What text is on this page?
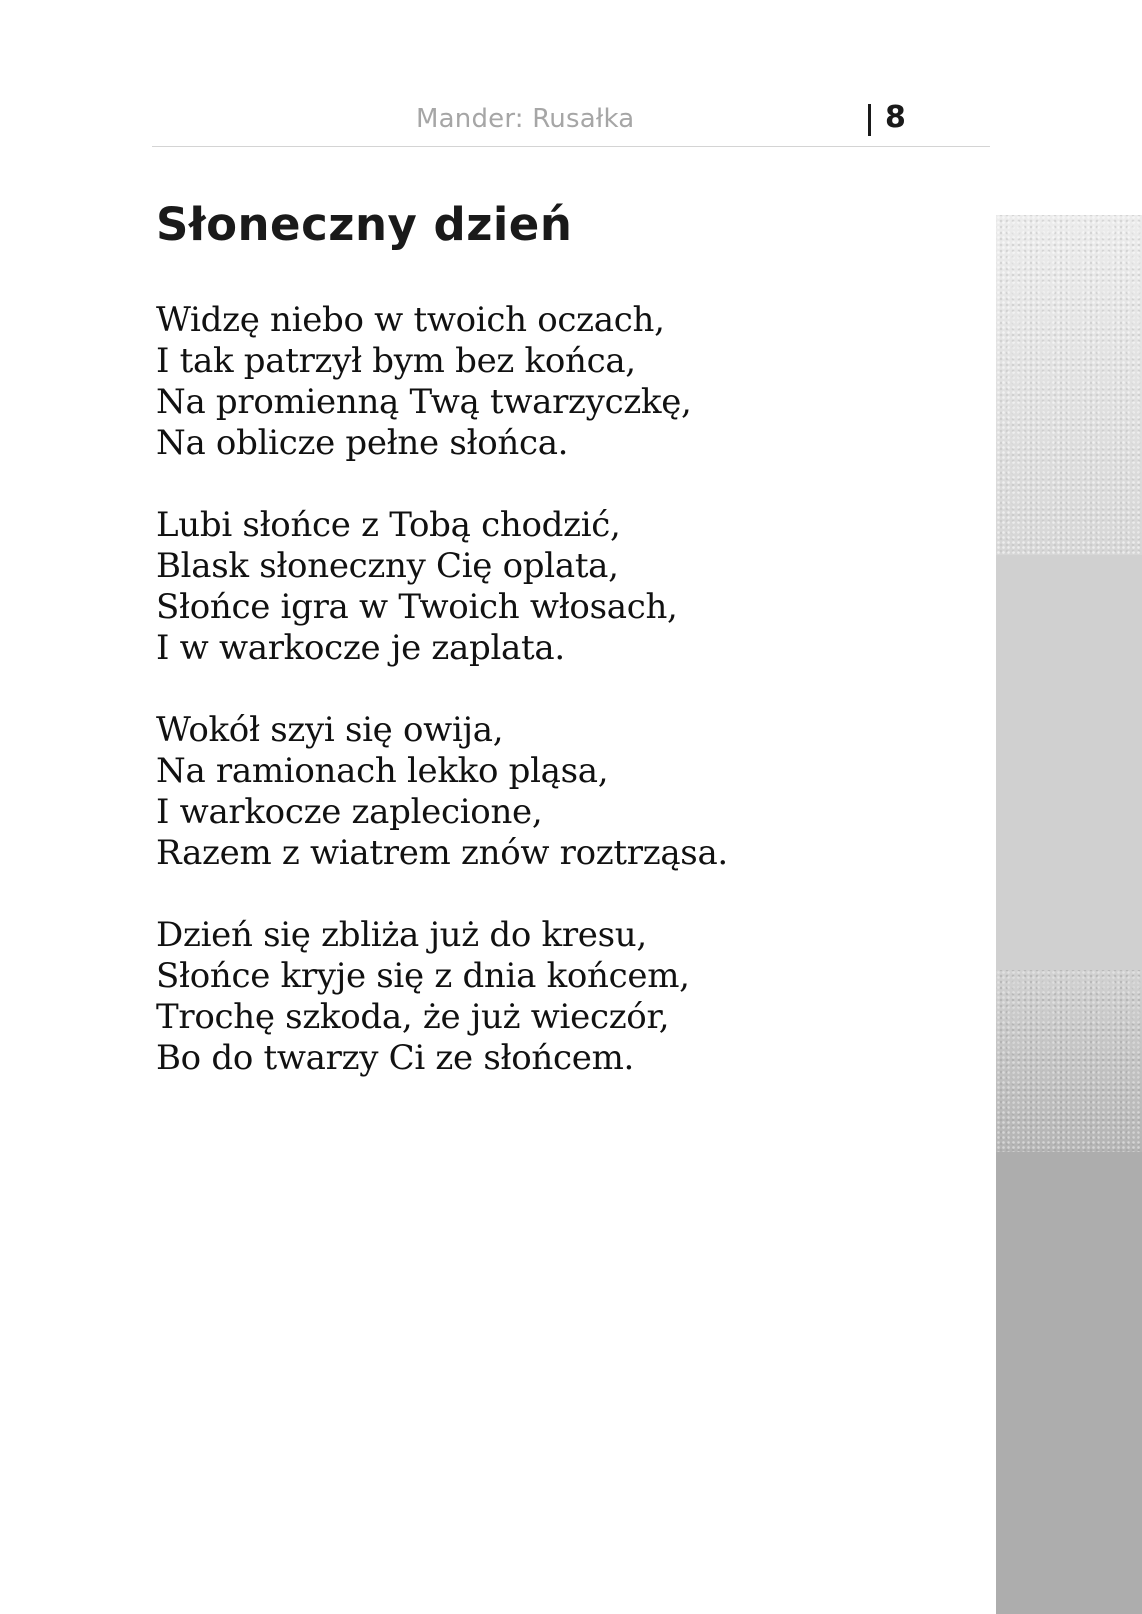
Mander: Rusałka	8
Słoneczny dzień
Widzę niebo w twoich oczach,
I tak patrzył bym bez końca,
Na promienną Twą twarzyczkę,
Na oblicze pełne słońca.
Lubi słońce z Tobą chodzić,
Blask słoneczny Cię oplata,
Słońce igra w Twoich włosach,
I w warkocze je zaplata.
Wokół szyi się owija,
Na ramionach lekko pląsa,
I warkocze zaplecione,
Razem z wiatrem znów roztrząsa.
Dzień się zbliża już do kresu,
Słońce kryje się z dnia końcem,
Trochę szkoda, że już wieczór,
Bo do twarzy Ci ze słońcem.
